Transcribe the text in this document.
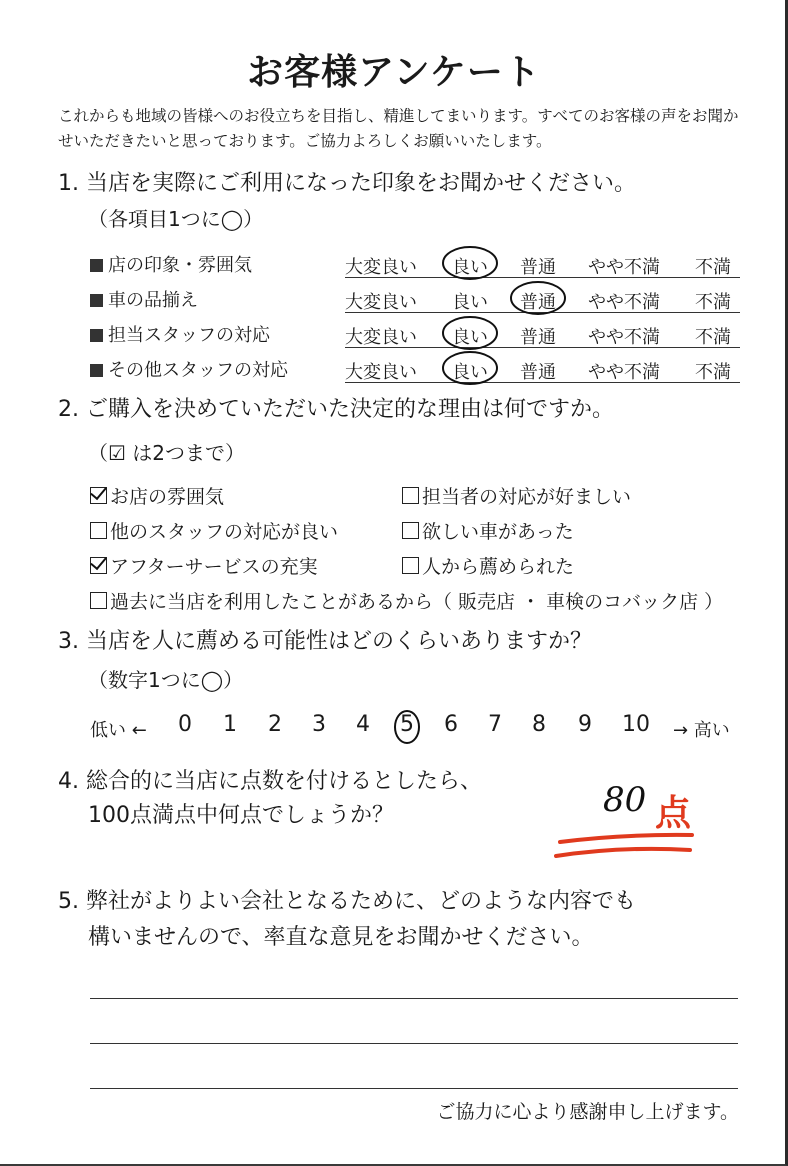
お客様アンケート
これからも地域の皆様へのお役立ちを目指し、精進してまいります。すべてのお客様の声をお聞かせいただきたいと思っております。ご協力よろしくお願いいたします。
1. 当店を実際にご利用になった印象をお聞かせください。
（各項目1つに◯）
店の印象・雰囲気	大変良い 良い 普通 やや不満 不満
車の品揃え	大変良い 良い 普通 やや不満 不満
担当スタッフの対応	大変良い 良い 普通 やや不満 不満
その他スタッフの対応	大変良い 良い 普通 やや不満 不満
2. ご購入を決めていただいた決定的な理由は何ですか。
（☑ は2つまで）
お店の雰囲気	担当者の対応が好ましい
他のスタッフの対応が良い	欲しい車があった
アフターサービスの充実	人から薦められた
過去に当店を利用したことがあるから（ 販売店 ・ 車検のコバック店 ）
3. 当店を人に薦める可能性はどのくらいありますか？
（数字1つに◯）
低い ←	→ 高い
0 1 2 3 4 5 6 7 8 9 10
4. 総合的に当店に点数を付けるとしたら、
100点満点中何点でしょうか？	80 点
5. 弊社がよりよい会社となるために、どのような内容でも
構いませんので、率直な意見をお聞かせください。
ご協力に心より感謝申し上げます。
